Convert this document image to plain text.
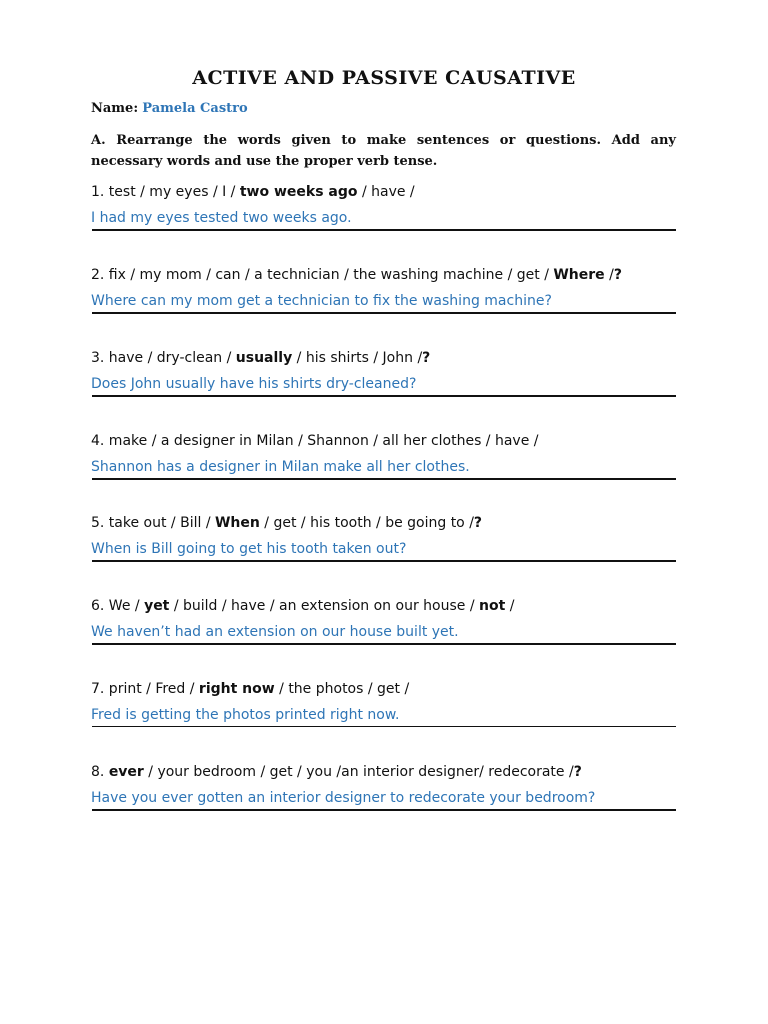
ACTIVE AND PASSIVE CAUSATIVE
Name: Pamela Castro
A. Rearrange the words given to make sentences or questions. Add any necessary words and use the proper verb tense.
1. test / my eyes / I / two weeks ago / have /
I had my eyes tested two weeks ago.
2. fix / my mom / can / a technician / the washing machine / get / Where /?
Where can my mom get a technician to fix the washing machine?
3. have / dry-clean / usually / his shirts / John /?
Does John usually have his shirts dry-cleaned?
4. make / a designer in Milan / Shannon / all her clothes / have /
Shannon has a designer in Milan make all her clothes.
5. take out / Bill / When / get / his tooth / be going to /?
When is Bill going to get his tooth taken out?
6. We / yet / build / have / an extension on our house / not /
We haven’t had an extension on our house built yet.
7. print / Fred / right now / the photos / get /
Fred is getting the photos printed right now.
8. ever / your bedroom / get / you /an interior designer/ redecorate /?
Have you ever gotten an interior designer to redecorate your bedroom?
